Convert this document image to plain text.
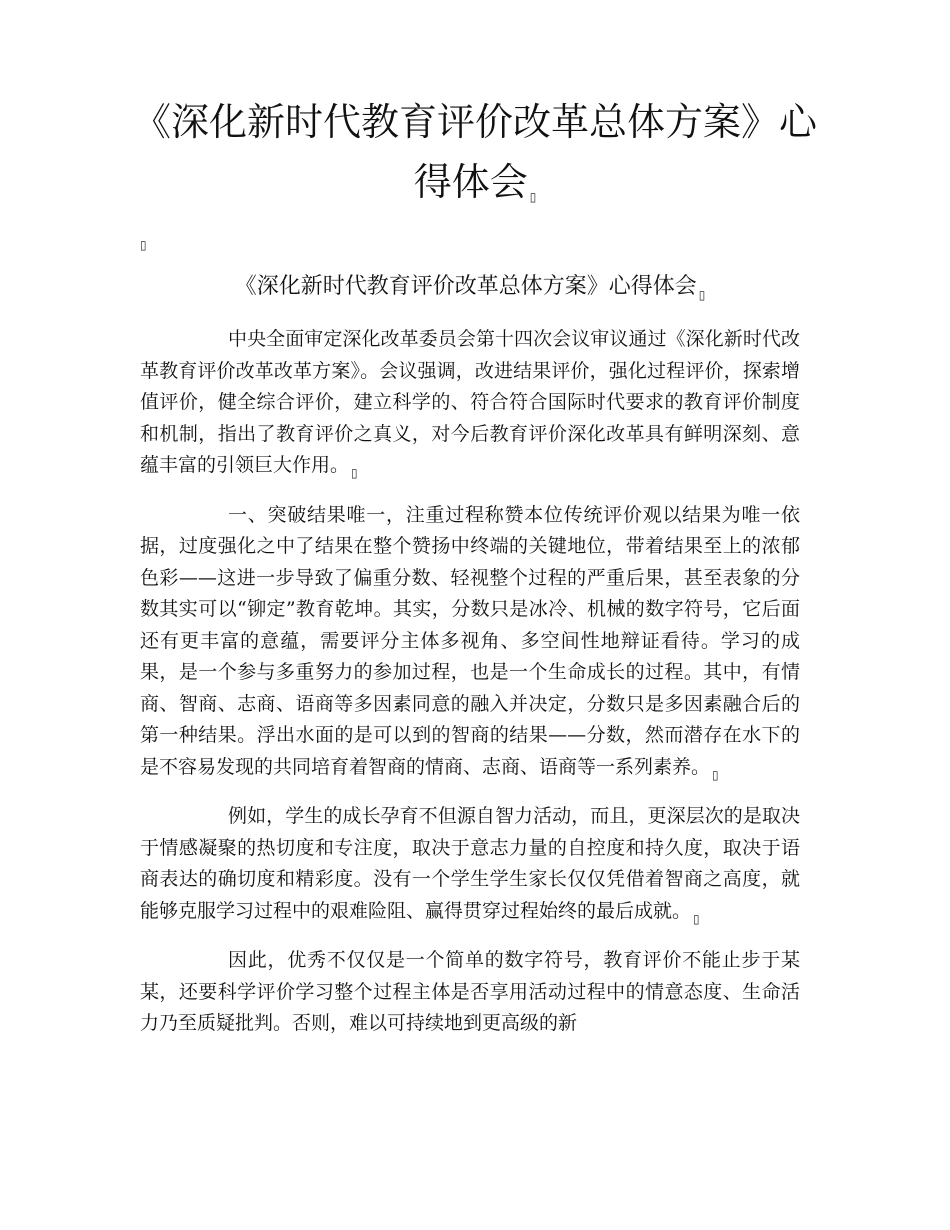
《深化新时代教育评价改革总体方案》心得体会 ▯
▯
《深化新时代教育评价改革总体方案》心得体会 $_▯$

中央全面审定深化改革委员会第十四次会议审议通过《深化新时代改革教育评价改革改革方案》。会议强调，改进结果评价，强化过程评价，探索增值评价，健全综合评价，建立科学的、符合符合国际时代要求的教育评价制度和机制，指出了教育评价之真义，对今后教育评价深化改革具有鲜明深刻、意蕴丰富的引领巨大作用。 $_▯$

一、突破结果唯一，注重过程称赞本位传统评价观以结果为唯一依据，过度强化之中了结果在整个赞扬中终端的关键地位，带着结果至上的浓郁色彩——这进一步导致了偏重分数、轻视整个过程的严重后果，甚至表象的分数其实可以“铆定”教育乾坤。其实，分数只是冰冷、机械的数字符号，它后面还有更丰富的意蕴，需要评分主体多视角、多空间性地辩证看待。学习的成果，是一个参与多重努力的参加过程，也是一个生命成长的过程。其中，有情商、智商、志商、语商等多因素同意的融入并决定，分数只是多因素融合后的第一种结果。浮出水面的是可以到的智商的结果——分数，然而潜存在水下的是不容易发现的共同培育着智商的情商、志商、语商等一系列素养。 $_▯$

例如，学生的成长孕育不但源自智力活动，而且，更深层次的是取决于情感凝聚的热切度和专注度，取决于意志力量的自控度和持久度，取决于语商表达的确切度和精彩度。没有一个学生学生家长仅仅凭借着智商之高度，就能够克服学习过程中的艰难险阻、赢得贯穿过程始终的最后成就。 $_▯$

因此，优秀不仅仅是一个简单的数字符号，教育评价不能止步于某某，还要科学评价学习整个过程主体是否享用活动过程中的情意态度、生命活力乃至质疑批判。否则，难以可持续地到更高级的新
